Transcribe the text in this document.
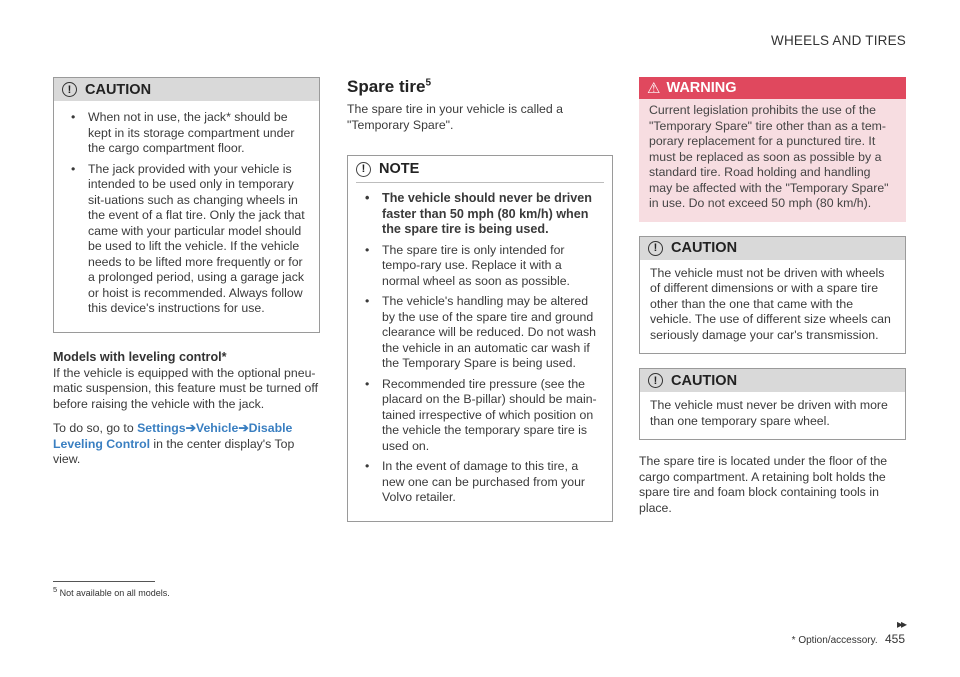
WHEELS AND TIRES
! CAUTION
• When not in use, the jack* should be kept in its storage compartment under the cargo compartment floor.
• The jack provided with your vehicle is intended to be used only in temporary sit-uations such as changing wheels in the event of a flat tire. Only the jack that came with your particular model should be used to lift the vehicle. If the vehicle needs to be lifted more frequently or for a prolonged period, using a garage jack or hoist is recommended. Always follow this device's instructions for use.

Models with leveling control*

If the vehicle is equipped with the optional pneu-matic suspension, this feature must be turned off before raising the vehicle with the jack.

To do so, go to Settings➔Vehicle➔Disable Leveling Control in the center display's Top view.

Spare tire$^5$

The spare tire in your vehicle is called a "Temporary Spare".

! NOTE
• The vehicle should never be driven faster than 50 mph (80 km/h) when the spare tire is being used.
• The spare tire is only intended for tempo-rary use. Replace it with a normal wheel as soon as possible.
• The vehicle's handling may be altered by the use of the spare tire and ground clearance will be reduced. Do not wash the vehicle in an automatic car wash if the Temporary Spare is being used.
• Recommended tire pressure (see the placard on the B-pillar) should be main-tained irrespective of which position on the vehicle the temporary spare tire is used on.
• In the event of damage to this tire, a new one can be purchased from your Volvo retailer.
⚠ WARNING

Current legislation prohibits the use of the "Temporary Spare" tire other than as a tem-porary replacement for a punctured tire. It must be replaced as soon as possible by a standard tire. Road holding and handling may be affected with the "Temporary Spare" in use. Do not exceed 50 mph (80 km/h).

! CAUTION

The vehicle must not be driven with wheels of different dimensions or with a spare tire other than the one that came with the vehicle. The use of different size wheels can seriously damage your car's transmission.

! CAUTION

The vehicle must never be driven with more than one temporary spare wheel.

The spare tire is located under the floor of the cargo compartment. A retaining bolt holds the spare tire and foam block containing tools in place.

$^5$ Not available on all models.
▸▸
* Option/accessory. 455
